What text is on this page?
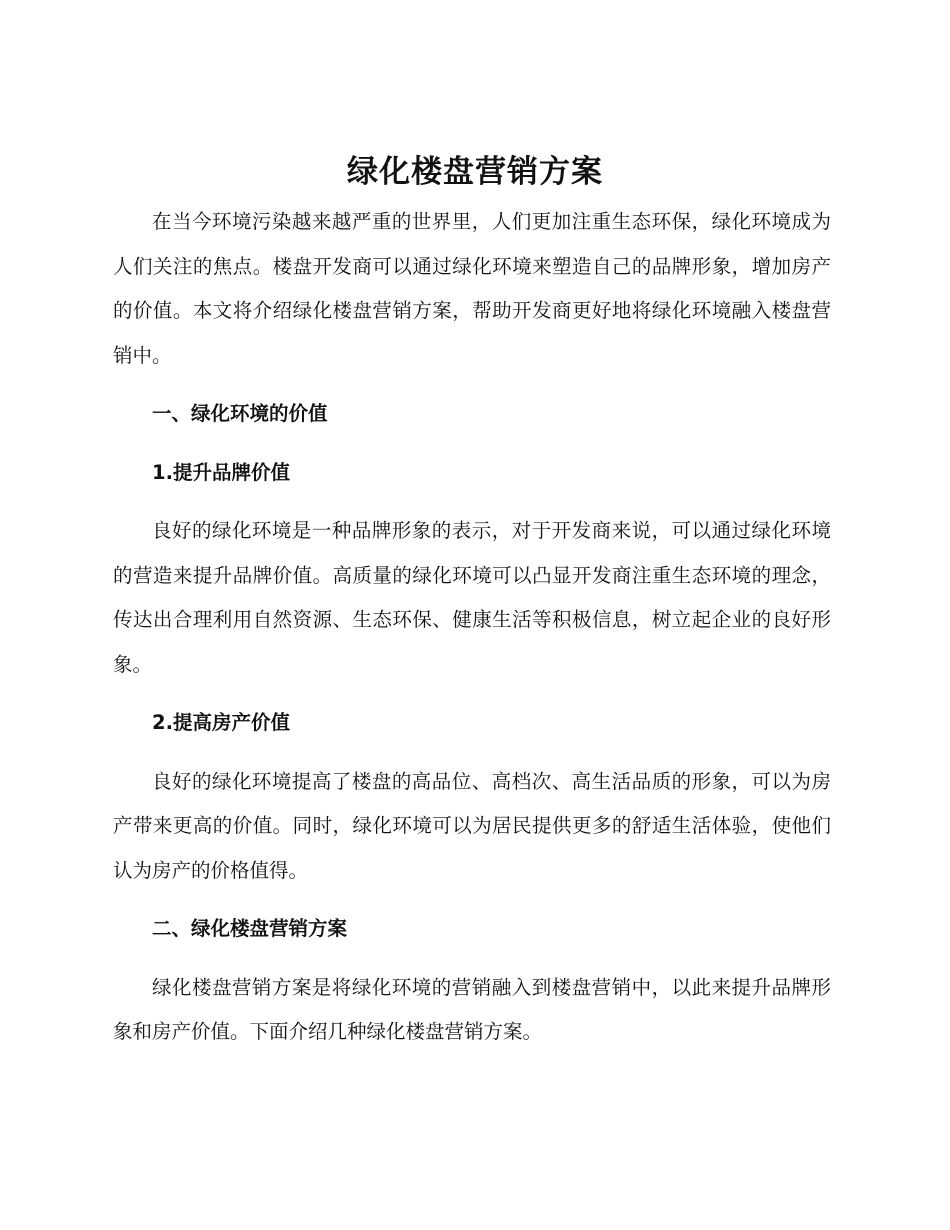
绿化楼盘营销方案

在当今环境污染越来越严重的世界里，人们更加注重生态环保，绿化环境成为人们关注的焦点。楼盘开发商可以通过绿化环境来塑造自己的品牌形象，增加房产的价值。本文将介绍绿化楼盘营销方案，帮助开发商更好地将绿化环境融入楼盘营销中。

一、绿化环境的价值

1.提升品牌价值

良好的绿化环境是一种品牌形象的表示，对于开发商来说，可以通过绿化环境的营造来提升品牌价值。高质量的绿化环境可以凸显开发商注重生态环境的理念，传达出合理利用自然资源、生态环保、健康生活等积极信息，树立起企业的良好形象。

2.提高房产价值

良好的绿化环境提高了楼盘的高品位、高档次、高生活品质的形象，可以为房产带来更高的价值。同时，绿化环境可以为居民提供更多的舒适生活体验，使他们认为房产的价格值得。

二、绿化楼盘营销方案

绿化楼盘营销方案是将绿化环境的营销融入到楼盘营销中，以此来提升品牌形象和房产价值。下面介绍几种绿化楼盘营销方案。
